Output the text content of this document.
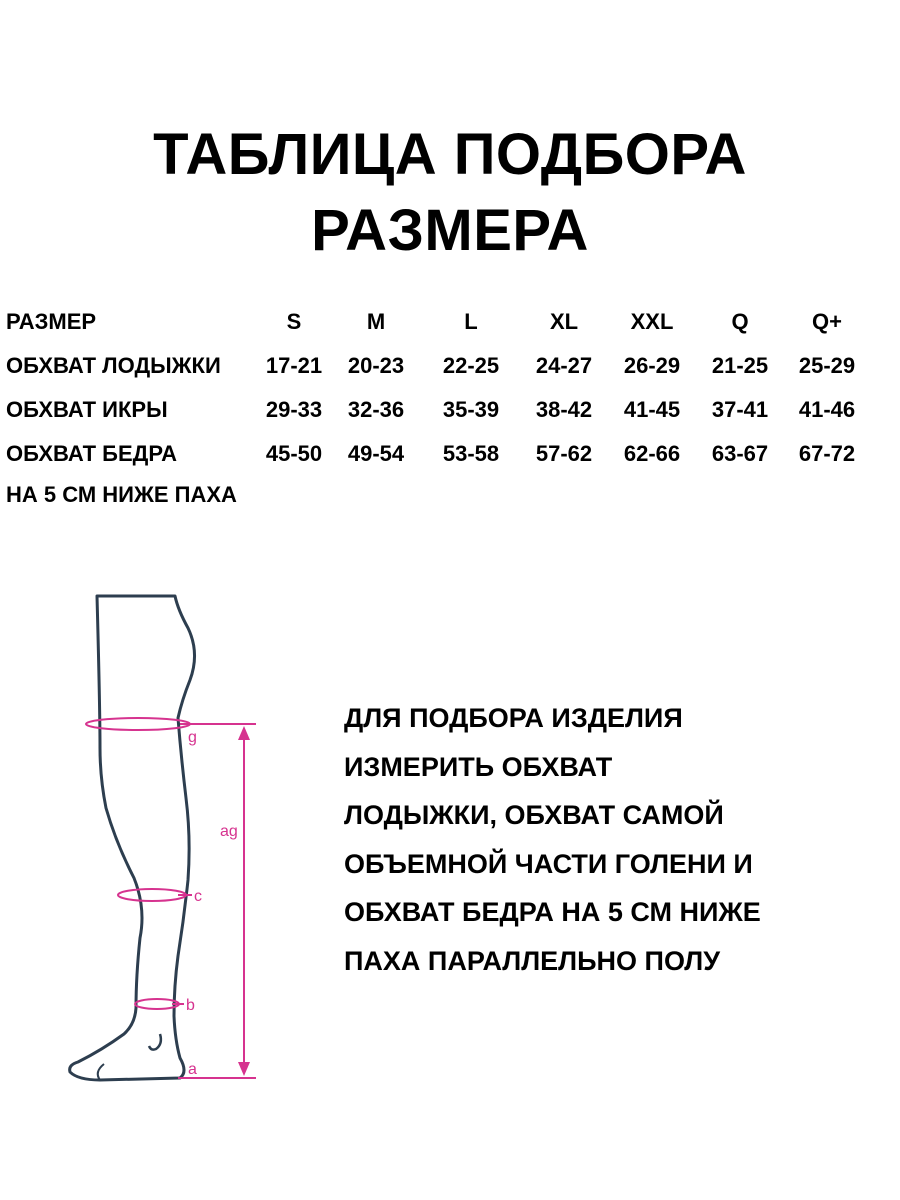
ТАБЛИЦА ПОДБОРА
РАЗМЕРА
РАЗМЕР	S	M	L	XL	XXL	Q	Q+
ОБХВАТ ЛОДЫЖКИ	17-21	20-23	22-25	24-27	26-29	21-25	25-29
ОБХВАТ ИКРЫ	29-33	32-36	35-39	38-42	41-45	37-41	41-46
ОБХВАТ БЕДРА	45-50	49-54	53-58	57-62	62-66	63-67	67-72
НА 5 СМ НИЖЕ ПАХА
g
ag
c
b
a
ДЛЯ ПОДБОРА ИЗДЕЛИЯ
ИЗМЕРИТЬ ОБХВАТ
ЛОДЫЖКИ, ОБХВАТ САМОЙ
ОБЪЕМНОЙ ЧАСТИ ГОЛЕНИ И
ОБХВАТ БЕДРА НА 5 СМ НИЖЕ
ПАХА ПАРАЛЛЕЛЬНО ПОЛУ
